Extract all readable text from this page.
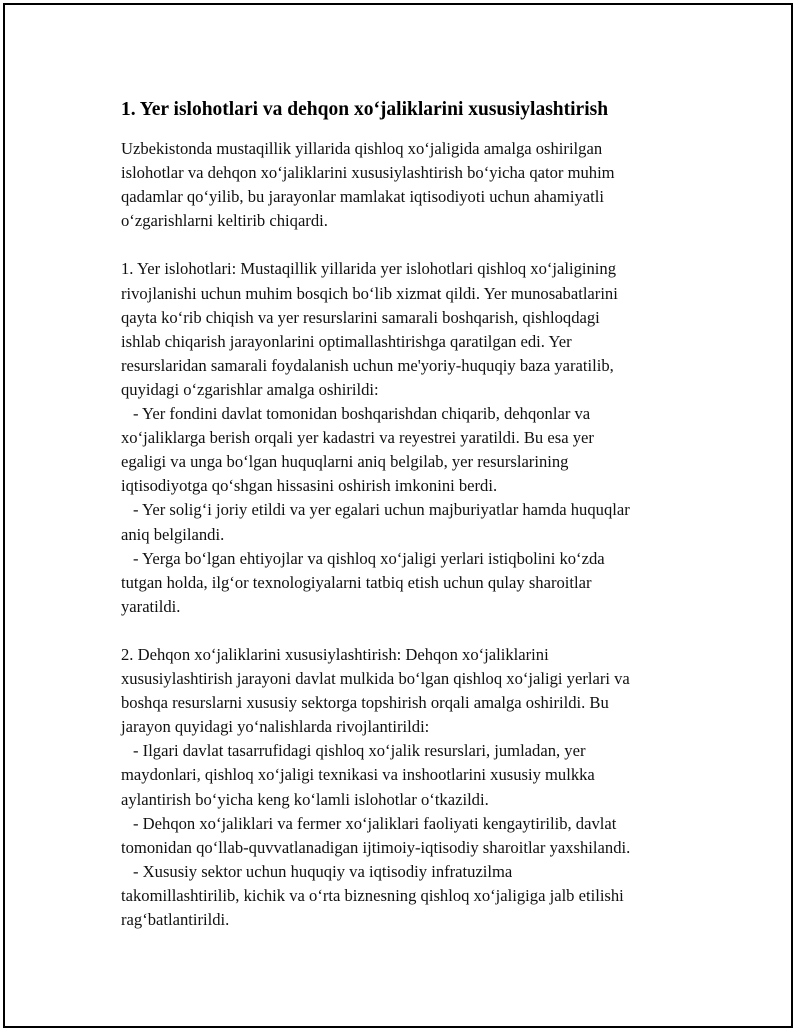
1. Yer islohotlari va dehqon xo‘jaliklarini xususiylashtirish
Uzbekistonda mustaqillik yillarida qishloq xo‘jaligida amalga oshirilgan
islohotlar va dehqon xo‘jaliklarini xususiylashtirish bo‘yicha qator muhim
qadamlar qo‘yilib, bu jarayonlar mamlakat iqtisodiyoti uchun ahamiyatli
o‘zgarishlarni keltirib chiqardi.
1. Yer islohotlari: Mustaqillik yillarida yer islohotlari qishloq xo‘jaligining
rivojlanishi uchun muhim bosqich bo‘lib xizmat qildi. Yer munosabatlarini
qayta ko‘rib chiqish va yer resurslarini samarali boshqarish, qishloqdagi
ishlab chiqarish jarayonlarini optimallashtirishga qaratilgan edi. Yer
resurslaridan samarali foydalanish uchun me'yoriy-huquqiy baza yaratilib,
quyidagi o‘zgarishlar amalga oshirildi:
- Yer fondini davlat tomonidan boshqarishdan chiqarib, dehqonlar va
xo‘jaliklarga berish orqali yer kadastri va reyestrei yaratildi. Bu esa yer
egaligi va unga bo‘lgan huquqlarni aniq belgilab, yer resurslarining
iqtisodiyotga qo‘shgan hissasini oshirish imkonini berdi.
- Yer solig‘i joriy etildi va yer egalari uchun majburiyatlar hamda huquqlar
aniq belgilandi.
- Yerga bo‘lgan ehtiyojlar va qishloq xo‘jaligi yerlari istiqbolini ko‘zda
tutgan holda, ilg‘or texnologiyalarni tatbiq etish uchun qulay sharoitlar
yaratildi.
2. Dehqon xo‘jaliklarini xususiylashtirish: Dehqon xo‘jaliklarini
xususiylashtirish jarayoni davlat mulkida bo‘lgan qishloq xo‘jaligi yerlari va
boshqa resurslarni xususiy sektorga topshirish orqali amalga oshirildi. Bu
jarayon quyidagi yo‘nalishlarda rivojlantirildi:
- Ilgari davlat tasarrufidagi qishloq xo‘jalik resurslari, jumladan, yer
maydonlari, qishloq xo‘jaligi texnikasi va inshootlarini xususiy mulkka
aylantirish bo‘yicha keng ko‘lamli islohotlar o‘tkazildi.
- Dehqon xo‘jaliklari va fermer xo‘jaliklari faoliyati kengaytirilib, davlat
tomonidan qo‘llab-quvvatlanadigan ijtimoiy-iqtisodiy sharoitlar yaxshilandi.
- Xususiy sektor uchun huquqiy va iqtisodiy infratuzilma
takomillashtirilib, kichik va o‘rta biznesning qishloq xo‘jaligiga jalb etilishi
rag‘batlantirildi.
